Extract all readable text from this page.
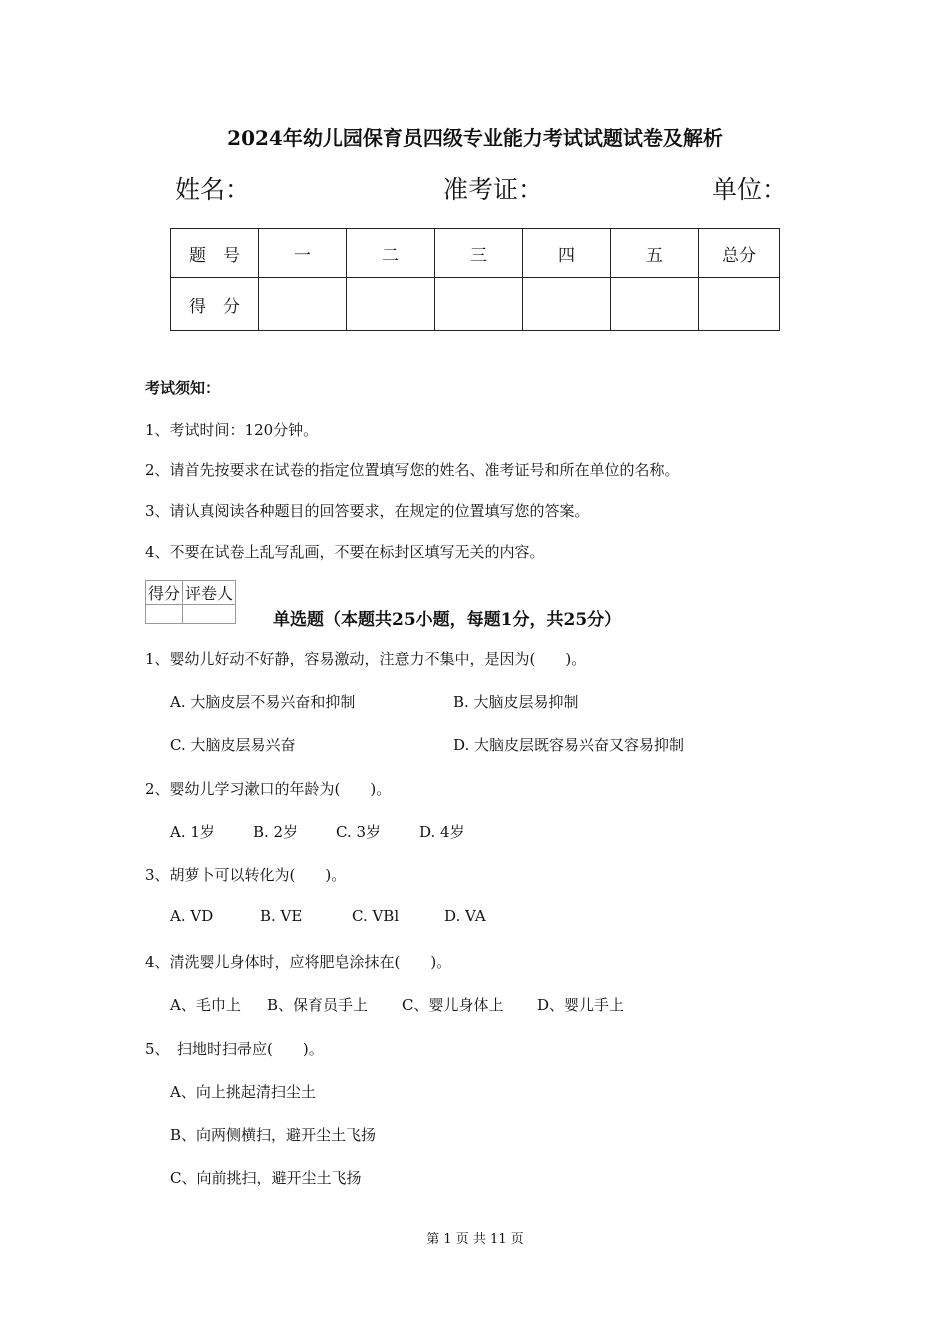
2024年幼儿园保育员四级专业能力考试试题试卷及解析
姓名：	准考证：	单位：
题　号	一	二	三	四	五	总分
得　分						
考试须知：
1、考试时间：120分钟。
2、请首先按要求在试卷的指定位置填写您的姓名、准考证号和所在单位的名称。
3、请认真阅读各种题目的回答要求，在规定的位置填写您的答案。
4、不要在试卷上乱写乱画，不要在标封区填写无关的内容。
得分	评卷人

单选题（本题共25小题，每题1分，共25分）
1、婴幼儿好动不好静，容易激动，注意力不集中，是因为(　　)。
A. 大脑皮层不易兴奋和抑制	B. 大脑皮层易抑制
C. 大脑皮层易兴奋	D. 大脑皮层既容易兴奋又容易抑制
2、婴幼儿学习漱口的年龄为(　　)。
A. 1岁	B. 2岁	C. 3岁	D. 4岁
3、胡萝卜可以转化为(　　)。
A. VD	B. VE	C. VBl	D. VA
4、清洗婴儿身体时，应将肥皂涂抹在(　　)。
A、毛巾上 B、保育员手上 C、婴儿身体上 D、婴儿手上
5、　扫地时扫帚应(　　)。
A、向上挑起清扫尘土
B、向两侧横扫，避开尘土飞扬
C、向前挑扫，避开尘土飞扬
第 1 页 共 11 页
